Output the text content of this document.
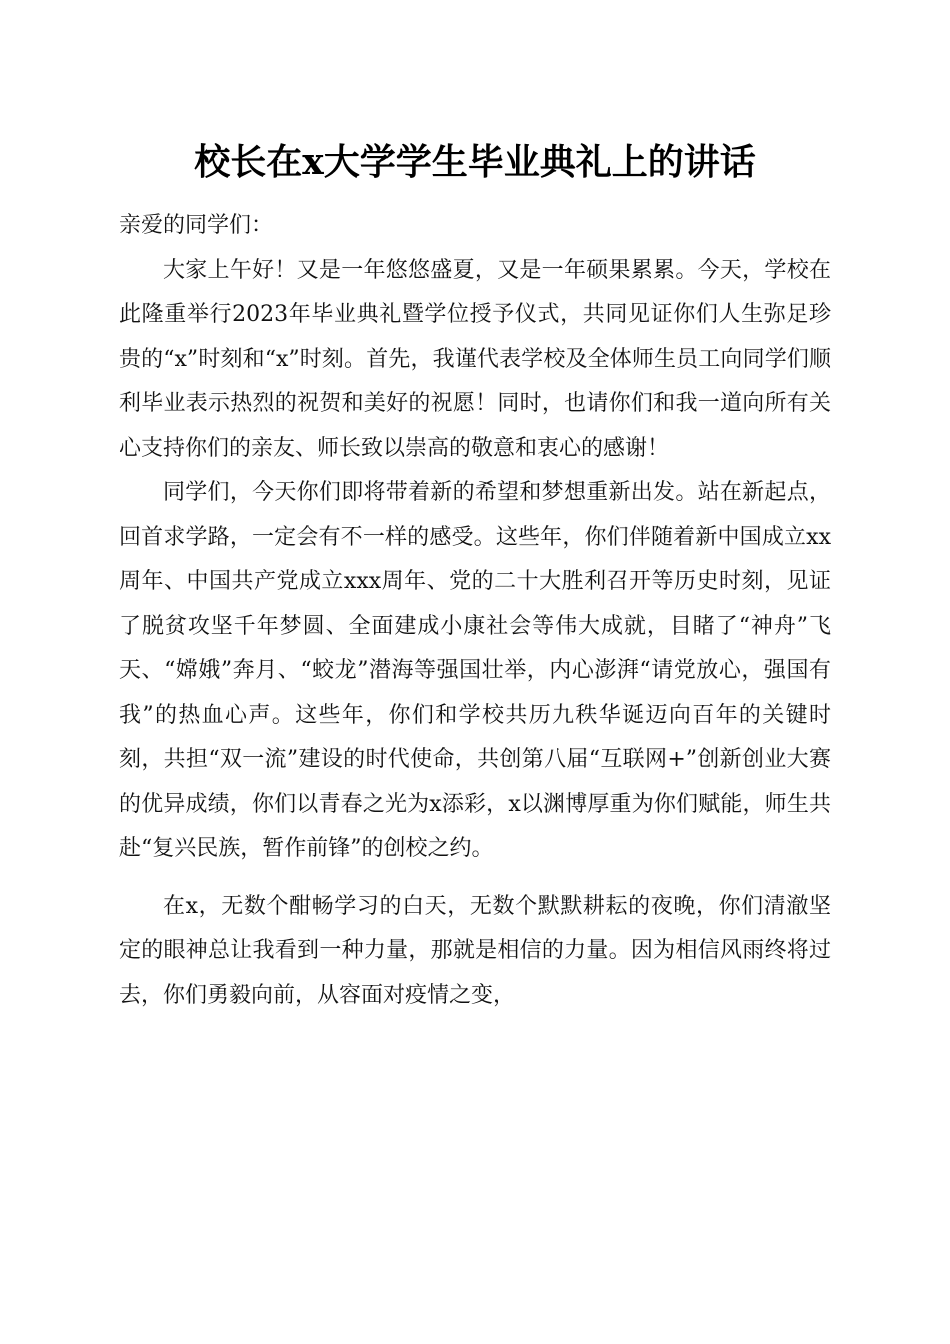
校长在x大学学生毕业典礼上的讲话

亲爱的同学们：

大家上午好！又是一年悠悠盛夏，又是一年硕果累累。今天，学校在此隆重举行2023年毕业典礼暨学位授予仪式，共同见证你们人生弥足珍贵的“x”时刻和“x”时刻。首先，我谨代表学校及全体师生员工向同学们顺利毕业表示热烈的祝贺和美好的祝愿！同时，也请你们和我一道向所有关心支持你们的亲友、师长致以崇高的敬意和衷心的感谢！

同学们，今天你们即将带着新的希望和梦想重新出发。站在新起点，回首求学路，一定会有不一样的感受。这些年，你们伴随着新中国成立xx周年、中国共产党成立xxx周年、党的二十大胜利召开等历史时刻，见证了脱贫攻坚千年梦圆、全面建成小康社会等伟大成就，目睹了“神舟”飞天、“嫦娥”奔月、“蛟龙”潜海等强国壮举，内心澎湃“请党放心，强国有我”的热血心声。这些年，你们和学校共历九秩华诞迈向百年的关键时刻，共担“双一流”建设的时代使命，共创第八届“互联网+”创新创业大赛的优异成绩，你们以青春之光为x添彩，x以渊博厚重为你们赋能，师生共赴“复兴民族，暂作前锋”的创校之约。

在x，无数个酣畅学习的白天，无数个默默耕耘的夜晚，你们清澈坚定的眼神总让我看到一种力量，那就是相信的力量。因为相信风雨终将过去，你们勇毅向前，从容面对疫情之变，
